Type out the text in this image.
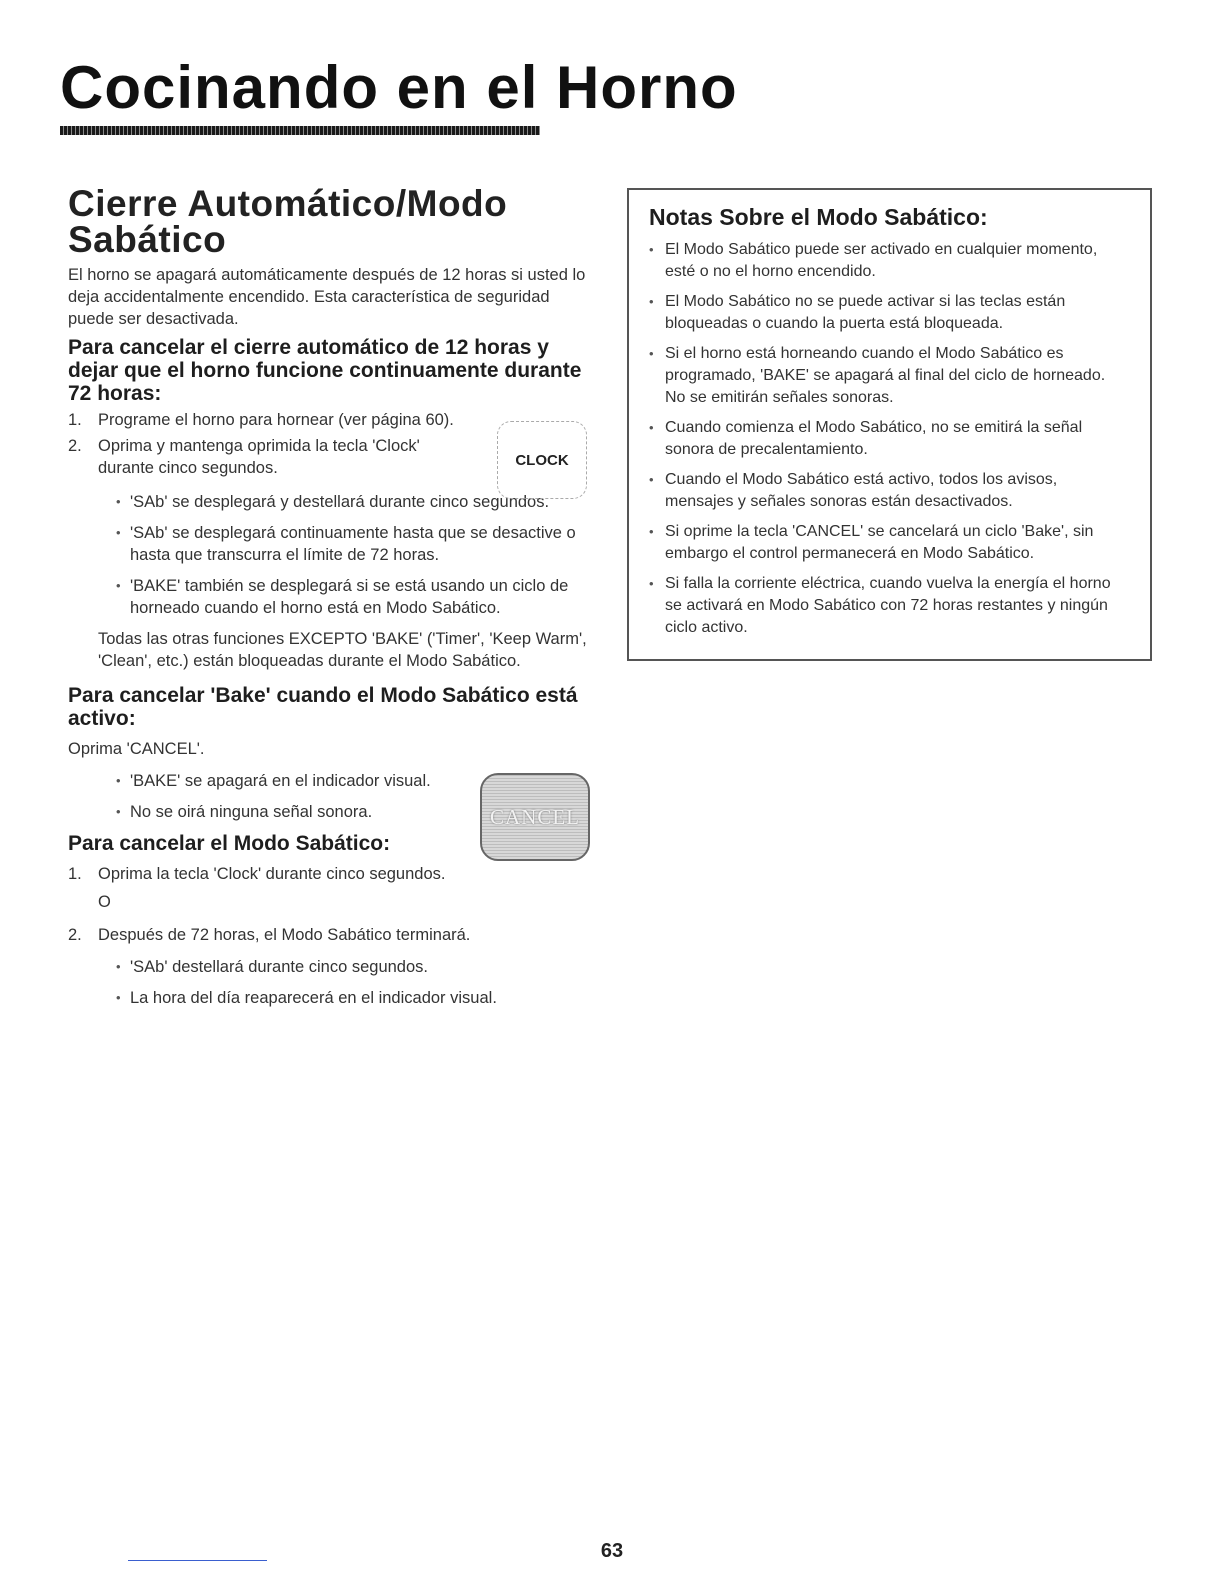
Cocinando en el Horno
Cierre Automático/Modo Sabático

El horno se apagará automáticamente después de 12 horas si usted lo deja accidentalmente encendido. Esta característica de seguridad puede ser desactivada.

Para cancelar el cierre automático de 12 horas y dejar que el horno funcione continuamente durante 72 horas:
1. Programe el horno para hornear (ver página 60).
2. Oprima y mantenga oprimida la tecla 'Clock' durante cinco segundos.
• 'SAb' se desplegará y destellará durante cinco segundos.
• 'SAb' se desplegará continuamente hasta que se desactive o hasta que transcurra el límite de 72 horas.
• 'BAKE' también se desplegará si se está usando un ciclo de horneado cuando el horno está en Modo Sabático.

Todas las otras funciones EXCEPTO 'BAKE' ('Timer', 'Keep Warm', 'Clean', etc.) están bloqueadas durante el Modo Sabático.

Para cancelar 'Bake' cuando el Modo Sabático está activo:

Oprima 'CANCEL'.

• 'BAKE' se apagará en el indicador visual.
• No se oirá ninguna señal sonora.
Para cancelar el Modo Sabático:
1. Oprima la tecla 'Clock' durante cinco segundos.
O
2. Después de 72 horas, el Modo Sabático terminará.
• 'SAb' destellará durante cinco segundos.
• La hora del día reaparecerá en el indicador visual.
CLOCK
CANCEL
Notas Sobre el Modo Sabático:
• El Modo Sabático puede ser activado en cualquier momento, esté o no el horno encendido.
• El Modo Sabático no se puede activar si las teclas están bloqueadas o cuando la puerta está bloqueada.
• Si el horno está horneando cuando el Modo Sabático es programado, 'BAKE' se apagará al final del ciclo de horneado. No se emitirán señales sonoras.
• Cuando comienza el Modo Sabático, no se emitirá la señal sonora de precalentamiento.
• Cuando el Modo Sabático está activo, todos los avisos, mensajes y señales sonoras están desactivados.
• Si oprime la tecla 'CANCEL' se cancelará un ciclo 'Bake', sin embargo el control permanecerá en Modo Sabático.
• Si falla la corriente eléctrica, cuando vuelva la energía el horno se activará en Modo Sabático con 72 horas restantes y ningún ciclo activo.
63
